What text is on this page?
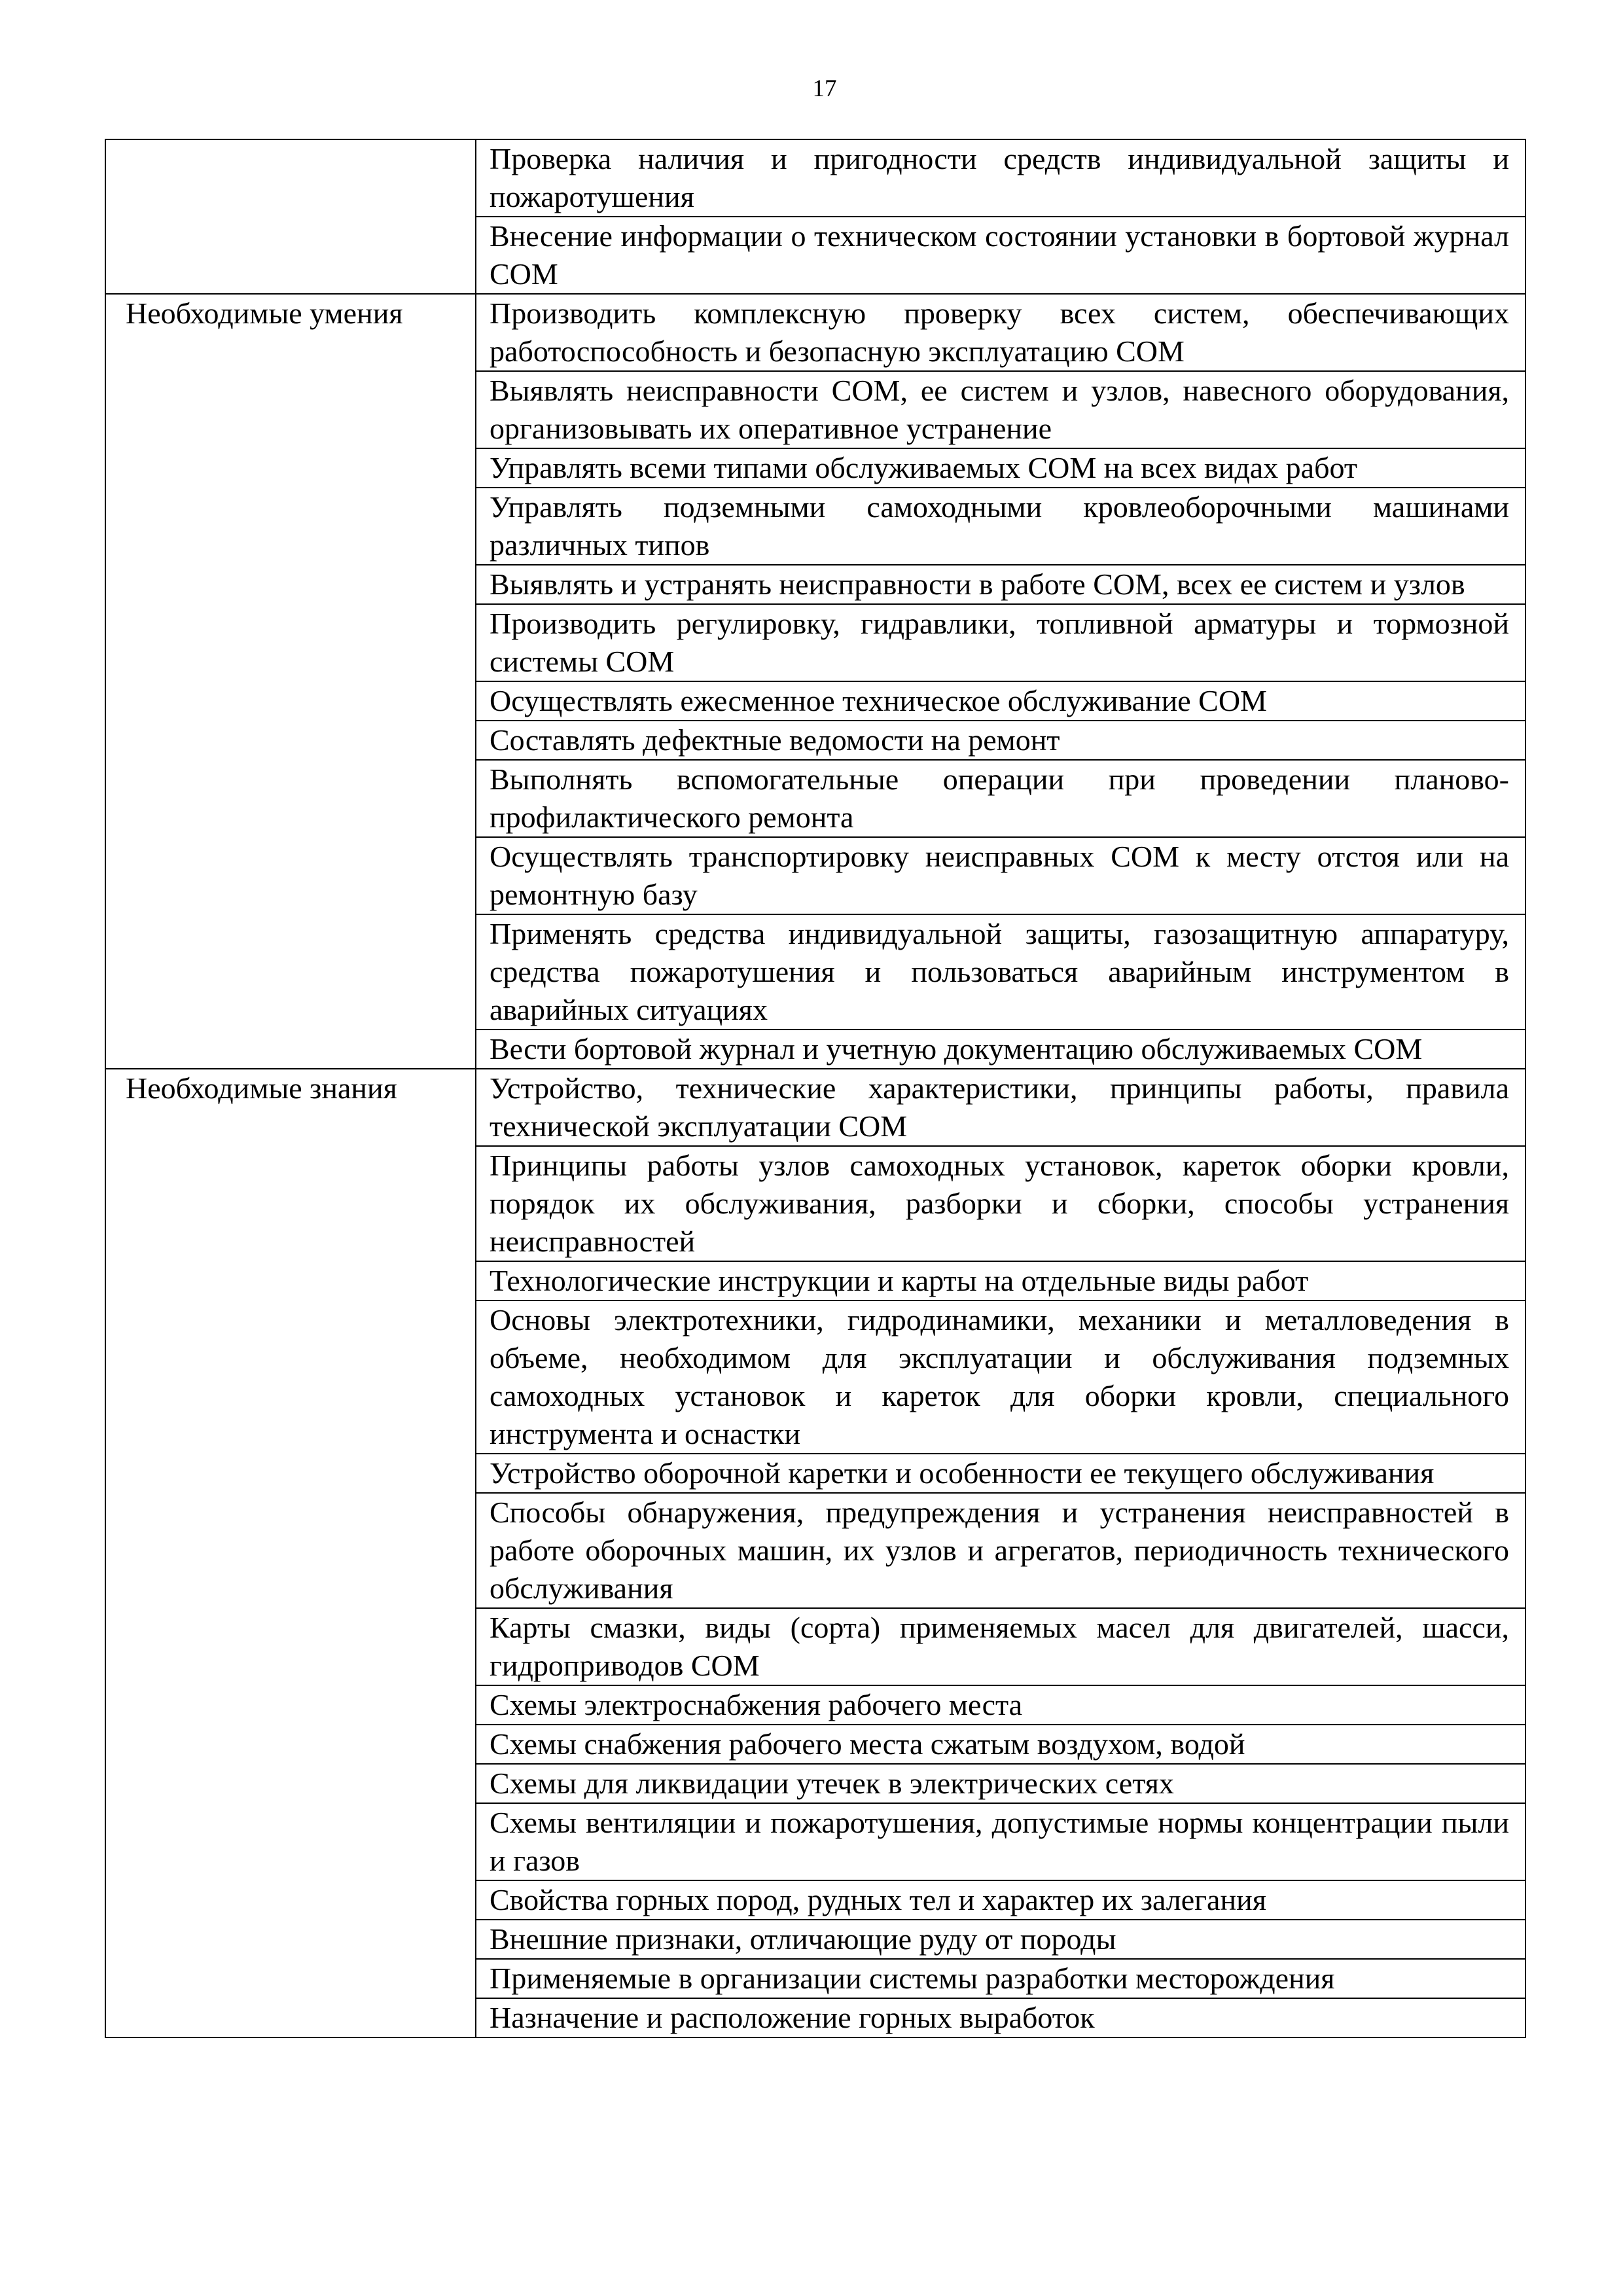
17
	Проверка наличия и пригодности средств индивидуальной защиты и пожаротушения
	Внесение информации о техническом состоянии установки в бортовой журнал СОМ
Необходимые умения	Производить комплексную проверку всех систем, обеспечивающих работоспособность и безопасную эксплуатацию СОМ
	Выявлять неисправности СОМ, ее систем и узлов, навесного оборудования, организовывать их оперативное устранение
	Управлять всеми типами обслуживаемых СОМ на всех видах работ
	Управлять подземными самоходными кровлеоборочными машинами различных типов
	Выявлять и устранять неисправности в работе СОМ, всех ее систем и узлов
	Производить регулировку, гидравлики, топливной арматуры и тормозной системы СОМ
	Осуществлять ежесменное техническое обслуживание СОМ
	Составлять дефектные ведомости на ремонт
	Выполнять вспомогательные операции при проведении планово-профилактического ремонта
	Осуществлять транспортировку неисправных СОМ к месту отстоя или на ремонтную базу
	Применять средства индивидуальной защиты, газозащитную аппаратуру, средства пожаротушения и пользоваться аварийным инструментом в аварийных ситуациях
	Вести бортовой журнал и учетную документацию обслуживаемых СОМ
Необходимые знания	Устройство, технические характеристики, принципы работы, правила технической эксплуатации СОМ
	Принципы работы узлов самоходных установок, кареток оборки кровли, порядок их обслуживания, разборки и сборки, способы устранения неисправностей
	Технологические инструкции и карты на отдельные виды работ
	Основы электротехники, гидродинамики, механики и металловедения в объеме, необходимом для эксплуатации и обслуживания подземных самоходных установок и кареток для оборки кровли, специального инструмента и оснастки
	Устройство оборочной каретки и особенности ее текущего обслуживания
	Способы обнаружения, предупреждения и устранения неисправностей в работе оборочных машин, их узлов и агрегатов, периодичность технического обслуживания
	Карты смазки, виды (сорта) применяемых масел для двигателей, шасси, гидроприводов СОМ
	Схемы электроснабжения рабочего места
	Схемы снабжения рабочего места сжатым воздухом, водой
	Схемы для ликвидации утечек в электрических сетях
	Схемы вентиляции и пожаротушения, допустимые нормы концентрации пыли и газов
	Свойства горных пород, рудных тел и характер их залегания
	Внешние признаки, отличающие руду от породы
	Применяемые в организации системы разработки месторождения
	Назначение и расположение горных выработок
